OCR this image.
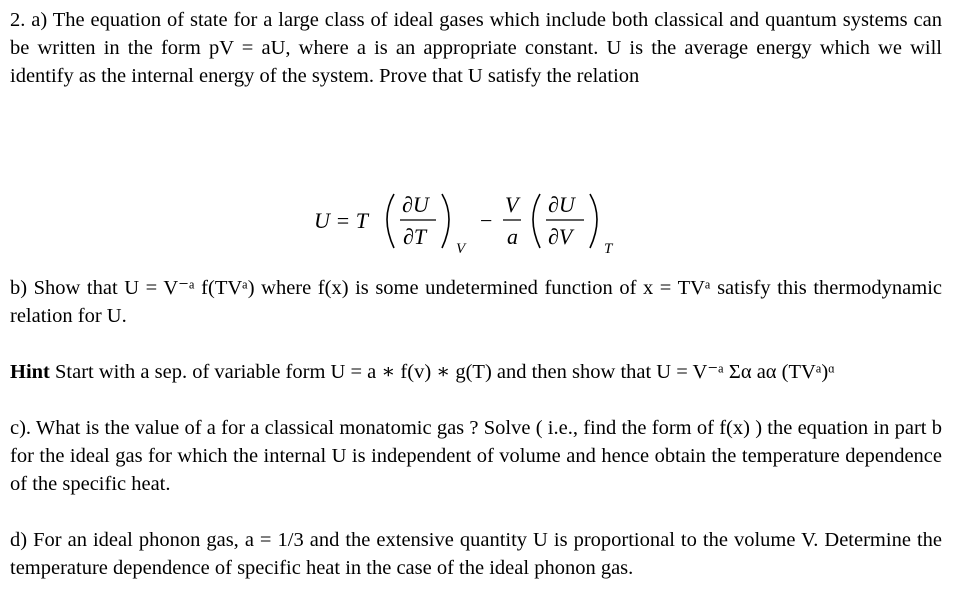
2. a) The equation of state for a large class of ideal gases which include both classical and quantum systems can be written in the form pV = aU, where a is an appropriate constant. U is the average energy which we will identify as the internal energy of the system. Prove that U satisfy the relation
U = T
∂U
∂T V
−
V
a
∂U
∂V T
b) Show that U = V⁻ᵃ f(TVᵃ) where f(x) is some undetermined function of x = TVᵃ satisfy this thermodynamic relation for U.
Hint Start with a sep. of variable form U = a ∗ f(v) ∗ g(T) and then show that U = V⁻ᵃ Σα aα (TVᵃ)ᵅ
c). What is the value of a for a classical monatomic gas ? Solve ( i.e., find the form of f(x) ) the equation in part b for the ideal gas for which the internal U is independent of volume and hence obtain the temperature dependence of the specific heat.
d) For an ideal phonon gas, a = 1/3 and the extensive quantity U is proportional to the volume V. Determine the temperature dependence of specific heat in the case of the ideal phonon gas.
